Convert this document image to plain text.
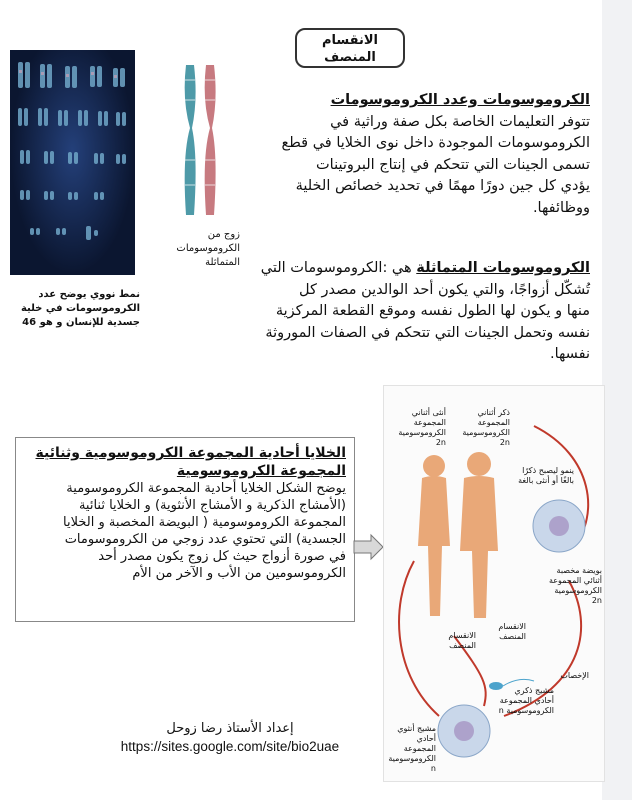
الانقسام
المنصف
الكروموسومات وعدد الكروموسومات
تتوفر التعليمات الخاصة بكل صفة وراثية في
الكروموسومات الموجودة داخل نوى الخلايا في قطع
تسمى الجينات التي تتحكم في إنتاج البروتينات
يؤدي كل جين دورًا مهمًا في تحديد خصائص الخلية
ووظائفها.
الكروموسومات المتماثلة هي :الكروموسومات التي
تُشكّل أزواجًا، والتي يكون أحد الوالدين مصدر كل
منها و يكون لها الطول نفسه وموقع القطعة المركزية
نفسه وتحمل الجينات التي تتحكم في الصفات الموروثة
نفسها.
نمط نووي يوضح عدد الكروموسومات في خلية جسدية للإنسان و هو 46
زوج من الكروموسومات المتماثلة
الخلايا أحادية المجموعة الكروموسومية وثنائية المجموعة الكروموسومية
يوضح الشكل الخلايا أحادية المجموعة الكروموسومية
(الأمشاج الذكرية و الأمشاج الأنثوية) و الخلايا ثنائية
المجموعة الكروموسومية ( البويضة المخصبة و الخلايا
الجسدية) التي تحتوي عدد زوجي من الكروموسومات
في صورة أزواج حيث كل زوج يكون مصدر أحد
الكروموسومين من الأب و الآخر من الأم
أنثى أثناني المجموعة الكروموسومية 2n
ذكر أثناني المجموعة الكروموسومية 2n
ينمو ليصبح ذكرًا بالغًا أو أنثى بالغة
بويضة مخصبة أثنائي المجموعة الكروموسومية 2n
الانقسام المنصف
الانقسام المنصف
الإخصاب
مشيج ذكري أحادي المجموعة الكروموسومية n
مشيج أنثوي أحادي المجموعة الكروموسومية n
إعداد الأستاذ رضا زوحل
https://sites.google.com/site/bio2uae
